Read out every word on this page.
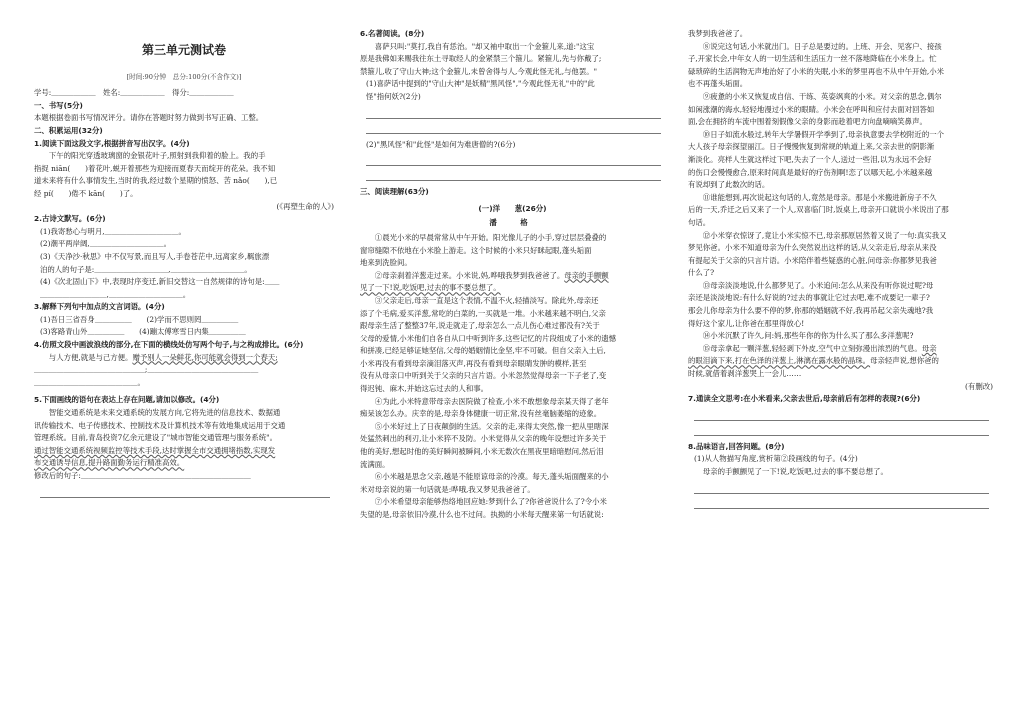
第三单元测试卷
[时间:90分钟　总分:100分(不含作文)]

学号:＿＿＿＿＿＿　姓名:＿＿＿＿＿＿　得分:＿＿＿＿＿＿

一、书写(5分)

本题根据卷面书写情况评分。请你在答题时努力做到书写正确、工整。

二、积累运用(32分)

1.阅读下面这段文字,根据拼音写出汉字。(4分)

下午的阳光穿透玻璃窗的金银花叶子,照射到我仰着的脸上。我的手

指捉 niān(　　)着花叶,蜕开着那些为迎接而夏春天而绽开的花朵。我不知

道未来将有什么事情发生,当时的我,经过数个星期的愤怒、苦 nǎo(　　),已

经 pí(　　)倦不 kān(　　)了。

(《再塑生命的人》)

2.古诗文默写。(6分)

(1)我寄愁心与明月,＿＿＿＿＿＿＿＿＿＿。

(2)潮平两岸阔,＿＿＿＿＿＿＿＿＿＿。

(3)《天净沙·秋思》中不仅写景,而且写人,手卷苍茫中,远离家乡,羁旅漂

泊的人的句子是:＿＿＿＿＿＿＿＿＿＿,＿＿＿＿＿＿＿＿＿＿。

(4)《次北固山下》中,表现时序变迁,新旧交替这一自然规律的诗句是:＿＿

＿＿＿＿＿＿＿＿＿,＿＿＿＿＿＿＿＿＿＿。

3.解释下列句中加点的文言词语。(4分)

(1)吾日三省吾身＿＿＿＿＿　　(2)学而不思则罔＿＿＿＿＿

(3)客路青山外＿＿＿＿＿　　(4)蹦太傅寒雪日内集＿＿＿＿＿

4.仿照文段中画波浪线的部分,在下面的横线处仿写两个句子,与之构成排比。(6分)

与人方便,就是与己方便。赠予别人一朵鲜花,你可能就会得到一个春天;

＿＿＿＿＿＿＿＿＿＿＿＿＿＿＿;＿＿＿＿＿＿＿＿＿＿＿＿＿＿＿

＿＿＿＿＿＿＿＿＿＿＿＿＿＿。

5.下面画线的语句在表达上存在问题,请加以修改。(4分)

智能交通系统是未来交通系统的发展方向,它将先进的信息技术、数据通

讯传输技术、电子传感技术、控制技术及计算机技术等有效地集成运用于交通

管理系统。目前,青岛投资7亿余元建设了"城市智能交通管理与服务系统"。

通过智能交通系统视频监控等技术手段,达时掌握全市交通拥堵指数,实现发

布交通诱导信息,提升路面勤务运行精准高效。

修改后的句子:＿＿＿＿＿＿＿＿＿＿＿＿＿＿＿＿＿＿＿＿＿＿＿

6.名著阅读。(8分)

喜萨只叫:"莫打,我自有恁治。"却又袖中取出一个金箍儿来,道:"这宝

原是我佛如来赐我往东土寻取经人的金紧禁三个箍儿。紧箍儿,先与你戴了;

禁箍儿,收了守山大神;这个金箍儿,未曾舍得与人,今观此怪无礼,与他罢。"

(1)喜萨话中提到的"守山大神"是妖精"黑风怪","今观此怪无礼"中的"此

怪"指何妖?(2分)

(2)"黑风怪"和"此怪"是如何为难唐僧的?(6分)

三、阅读理解(63分)

(一)洋　　葱(26分)

潘　格

①晨光小米的早晨常常从中午开始。阳光像儿子的小手,穿过层层叠叠的

窗帘缝隙不依地在小米脸上游走。这个时候的小米只好眯起眼,蓬头垢面

地来到洗脸间。

②母亲刹着洋葱走过来。小米说,妈,哗哦我梦到我爸爸了。母亲的手颤颤

见了一下!说,吃饭吧,过去的事不要总想了。

③父亲走后,母亲一直是这个表情,不温不火,轻描淡写。除此外,母亲还

添了个毛病,爱买洋葱,常吃的白菜的,一买就是一堆。小米越来越不明白,父亲

跟母亲生活了整整37年,说走就走了,母亲怎么一点儿伤心难过都没有?关于

父母的爱情,小米他们自各自从口中听到许多,这些记忆的片段组成了小米的遗憾

和拼凑,已经足够证她坚信,父母的婚姻情比金坚,牢不可破。但自父亲入土后,

小米再没有看到母亲滴泪落灭声,再没有看到母亲眼睛发肿的模样,甚至

没有从母亲口中听到关于父亲的只言片语。小米忽然觉得母亲一下子老了,变

得迟钝、麻木,并始这忘过去的人和事。

④为此,小米特意带母亲去医院做了检查,小米不敢想象母亲某天得了老年

痴呆该怎么办。庆幸的是,母亲身体健康一切正常,没有丝毫脑萎缩的迹象。

⑤小米好过上了日夜颠倒的生活。父亲的走,来得太突然,像一把从里瞎深

处猛然刺出的利刃,让小米猝不及防。小米觉得从父亲的晚年设想过许多关于

他的美好,想起时他的美好瞬间被瞬间,小米无数次在黑夜里暗暗慰问,然后泪

流满面。

⑥小米越是思念父亲,越是不能原谅母亲的冷漠。每天,蓬头垢面醒来的小

米对母亲说的第一句话就是:哗哦,我又梦见我爸爸了。

⑦小米希望母亲能够热络地回应她:梦到什么了?你爸爸说什么了?令小米

失望的是,母亲依旧冷漠,什么也不过问。执拗的小米每天醒来第一句话就说:

我梦到我爸爸了。

⑧说完这句话,小米就出门。日子总是要过的。上班、开会、见客户、接孩

子,开家长会,中年女人的一切生活和生活压力一丝不落地降临在小米身上。忙

碌琐碎的生活润物无声地治好了小米的失眠,小米的梦里再也不从中午开始,小米

也不再蓬头垢面。

⑨疲惫的小米又恢复成自信、干练、英姿飒爽的小米。对父亲的思念,偶尔

如闲涨潮的海水,轻轻地漫过小米的眼睛。小米会在呼叫和应付去面对回答如

面,会在拥挤的车流中围着刻假像父亲的身影而趁着吧方向盘嘀嘀笑鼻声。

⑩日子如流水般过,转年大学暑假开学季到了,母亲执意要去学校附近的一个

大人孩子母亲探望丽江。日子慢慢恢复到常规的轨道上来,父亲去世的阴影渐

渐淡化。亮样人生就这样过下吧,失去了一个人,送过一些泪,以为永远不会好

的伤口会慢慢愈合,原来时间真是最好的疗伤剂啊!恋了以哪天起,小米越来越

有说却到了此数次的话。

⑪谁能想到,再次说起这句话的人,竟然是母亲。那是小米搬进新房子不久

后的一天,乔迁之后又来了一个人,双喜临门时,饭桌上,母亲开口就说小米说出了那

句话。

⑫小米穿衣惊讶了,竟让小米实惊不已,母亲那原居然着又说了一句:真实我又

梦见你爸。小米不知道母亲为什么突然说出这样的话,从父亲走后,母亲从来没

有提起关于父亲的只言片语。小米陪伴着些疑惑的心脏,问母亲:你都梦见我爸

什么了?

⑬母亲淡淡地说,什么都梦见了。小米追问:怎么从来没有听你说过呢?母

亲还是淡淡地说:有什么好说的?过去的事就让它过去吧,难不成要记一辈子?

那会儿你母亲为什么要不停的梦,你那的婚姻就不好,我再吊起父亲失魂地?我

得好这个家儿,让你爸在那里得放心!

⑭小米沉默了许久,问:妈,那些年你的你为什么买了那么多洋葱呢?

⑮母亲拿起一颗洋葱,轻轻剥下外皮,空气中立刻弥漫出浓烈的气息。母亲

的眼泪滴下来,打在色泽的洋葱上,淋漓在露水般的晶珠。母亲轻声说,想你爸的

时候,就借着剥洋葱哭上一会儿……

(有删改)

7.通读全文思考:在小米看来,父亲去世后,母亲前后有怎样的表现?(6分)

8.品味语言,回答问题。(8分)

(1)从人物描写角度,赏析第②段画线的句子。(4分)

母亲的手颤颤见了一下!说,吃饭吧,过去的事不要总想了。
